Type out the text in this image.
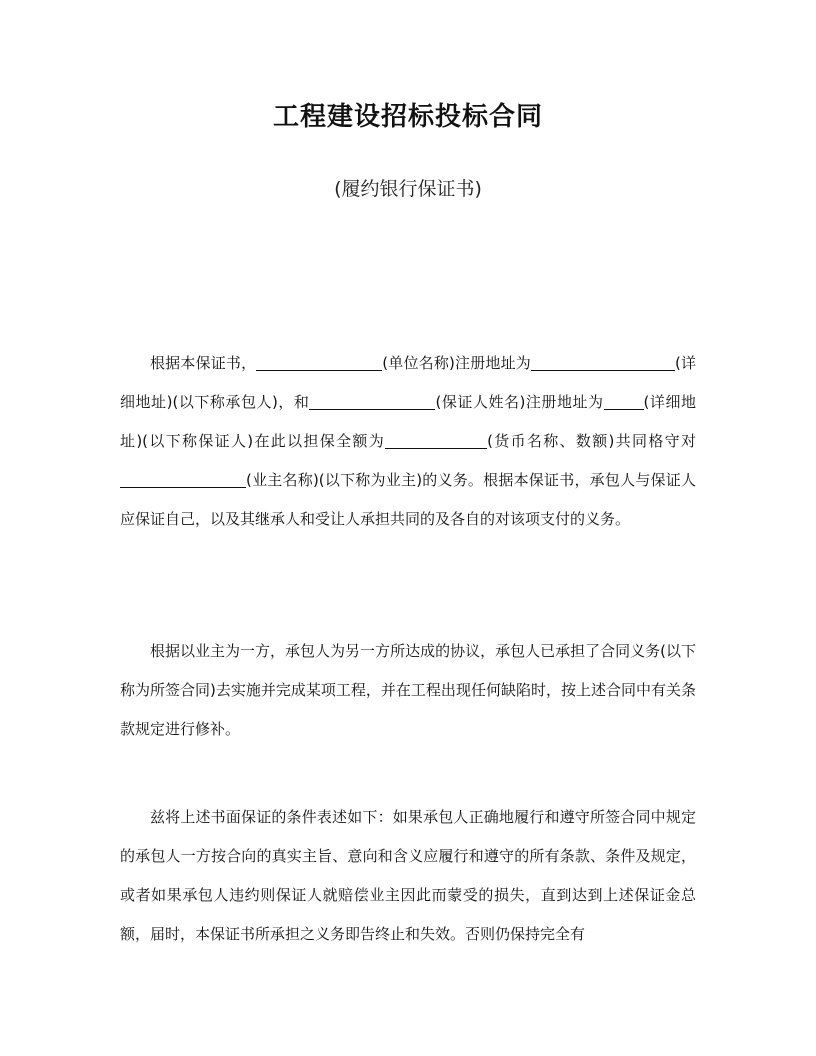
工程建设招标投标合同
(履约银行保证书)

根据本保证书，	(单位名称)注册地址为	(详细地址)(以下称承包人)，和	(保证人姓名)注册地址为	(详细地址)(以下称保证人)在此以担保全额为	(货币名称、数额)共同格守对(业主名称)(以下称为业主)的义务。根据本保证书，承包人与保证人应保证自己，以及其继承人和受让人承担共同的及各自的对该项支付的义务。

根据以业主为一方，承包人为另一方所达成的协议，承包人已承担了合同义务(以下称为所签合同)去实施并完成某项工程，并在工程出现任何缺陷时，按上述合同中有关条款规定进行修补。

兹将上述书面保证的条件表述如下：如果承包人正确地履行和遵守所签合同中规定的承包人一方按合向的真实主旨、意向和含义应履行和遵守的所有条款、条件及规定，或者如果承包人违约则保证人就赔偿业主因此而蒙受的损失，直到达到上述保证金总额，届时，本保证书所承担之义务即告终止和失效。否则仍保持完全有
